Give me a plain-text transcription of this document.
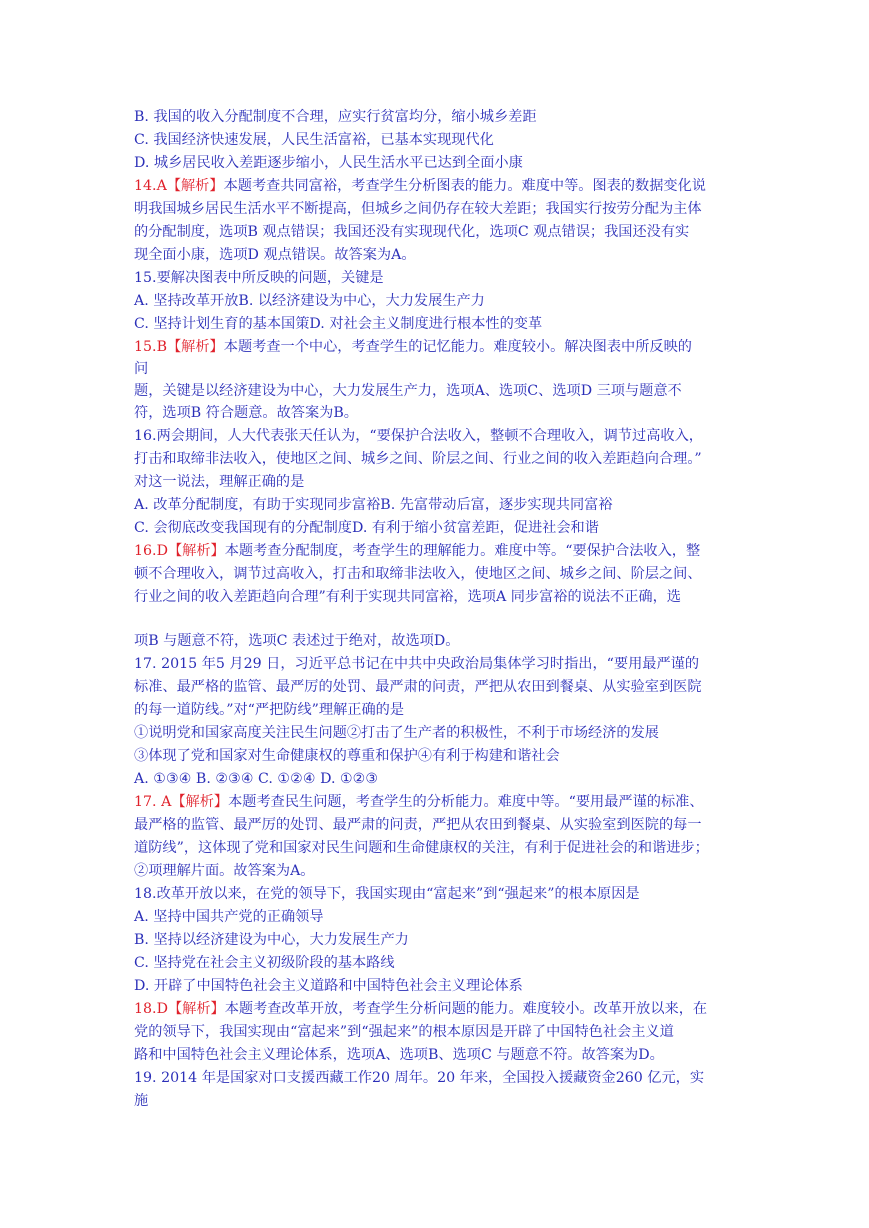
B. 我国的收入分配制度不合理，应实行贫富均分，缩小城乡差距
C. 我国经济快速发展，人民生活富裕，已基本实现现代化
D. 城乡居民收入差距逐步缩小，人民生活水平已达到全面小康
14.A【解析】本题考查共同富裕，考查学生分析图表的能力。难度中等。图表的数据变化说
明我国城乡居民生活水平不断提高，但城乡之间仍存在较大差距；我国实行按劳分配为主体
的分配制度，选项B 观点错误；我国还没有实现现代化，选项C 观点错误；我国还没有实
现全面小康，选项D 观点错误。故答案为A。
15.要解决图表中所反映的问题，关键是
A. 坚持改革开放B. 以经济建设为中心，大力发展生产力
C. 坚持计划生育的基本国策D. 对社会主义制度进行根本性的变革
15.B【解析】本题考查一个中心，考查学生的记忆能力。难度较小。解决图表中所反映的
问
题，关键是以经济建设为中心，大力发展生产力，选项A、选项C、选项D 三项与题意不
符，选项B 符合题意。故答案为B。
16.两会期间，人大代表张天任认为，“要保护合法收入，整顿不合理收入，调节过高收入，
打击和取缔非法收入，使地区之间、城乡之间、阶层之间、行业之间的收入差距趋向合理。”
对这一说法，理解正确的是
A. 改革分配制度，有助于实现同步富裕B. 先富带动后富，逐步实现共同富裕
C. 会彻底改变我国现有的分配制度D. 有利于缩小贫富差距，促进社会和谐
16.D【解析】本题考查分配制度，考查学生的理解能力。难度中等。“要保护合法收入，整
顿不合理收入，调节过高收入，打击和取缔非法收入，使地区之间、城乡之间、阶层之间、
行业之间的收入差距趋向合理”有利于实现共同富裕，选项A 同步富裕的说法不正确，选
项B 与题意不符，选项C 表述过于绝对，故选项D。
17. 2015 年5 月29 日，习近平总书记在中共中央政治局集体学习时指出，“要用最严谨的
标准、最严格的监管、最严厉的处罚、最严肃的问责，严把从农田到餐桌、从实验室到医院
的每一道防线。”对“严把防线”理解正确的是
①说明党和国家高度关注民生问题②打击了生产者的积极性，不利于市场经济的发展
③体现了党和国家对生命健康权的尊重和保护④有利于构建和谐社会
A. ①③④ B. ②③④ C. ①②④ D. ①②③
17. A【解析】本题考查民生问题，考查学生的分析能力。难度中等。“要用最严谨的标准、
最严格的监管、最严厉的处罚、最严肃的问责，严把从农田到餐桌、从实验室到医院的每一
道防线”，这体现了党和国家对民生问题和生命健康权的关注，有利于促进社会的和谐进步；
②项理解片面。故答案为A。
18.改革开放以来，在党的领导下，我国实现由“富起来”到“强起来”的根本原因是
A. 坚持中国共产党的正确领导
B. 坚持以经济建设为中心，大力发展生产力
C. 坚持党在社会主义初级阶段的基本路线
D. 开辟了中国特色社会主义道路和中国特色社会主义理论体系
18.D【解析】本题考查改革开放，考查学生分析问题的能力。难度较小。改革开放以来，在
党的领导下，我国实现由“富起来”到“强起来”的根本原因是开辟了中国特色社会主义道
路和中国特色社会主义理论体系，选项A、选项B、选项C 与题意不符。故答案为D。
19. 2014 年是国家对口支援西藏工作20 周年。20 年来，全国投入援藏资金260 亿元，实
施
